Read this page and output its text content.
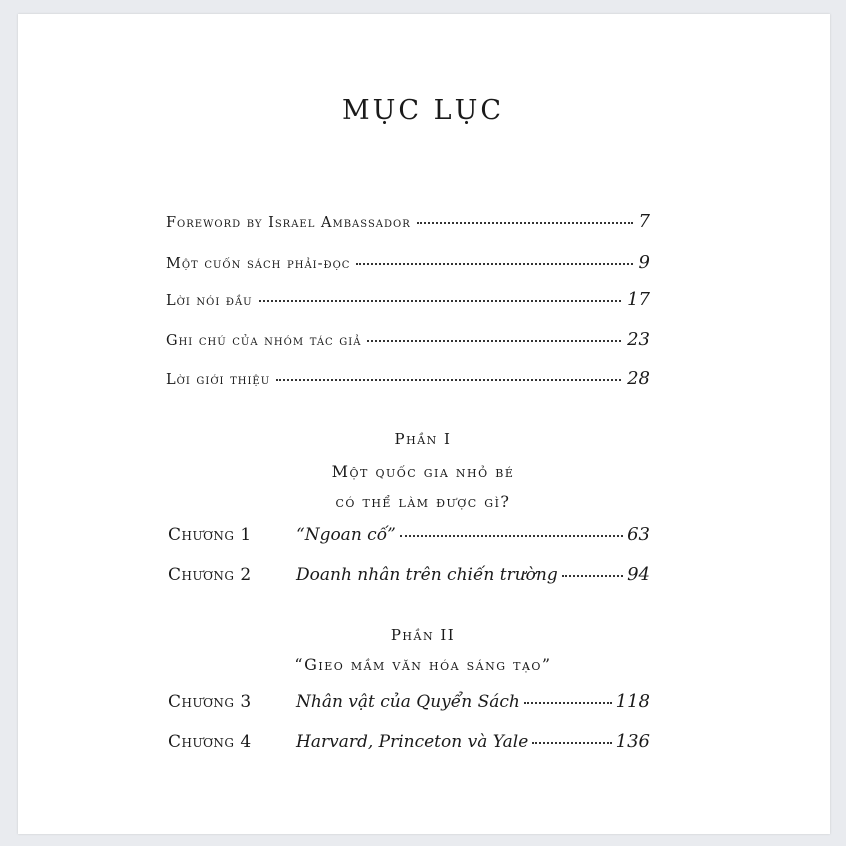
MỤC LỤC
Foreword by Israel Ambassador	7
Một cuốn sách phải-đọc	9
Lời nói đầu	17
Ghi chú của nhóm tác giả	23
Lời giới thiệu	28
Phần I
Một quốc gia nhỏ bé
có thể làm được gì?
Chương 1	“Ngoan cố”	63
Chương 2	Doanh nhân trên chiến trường	94
Phần II
“Gieo mầm văn hóa sáng tạo”
Chương 3	Nhân vật của Quyển Sách	118
Chương 4	Harvard, Princeton và Yale	136
